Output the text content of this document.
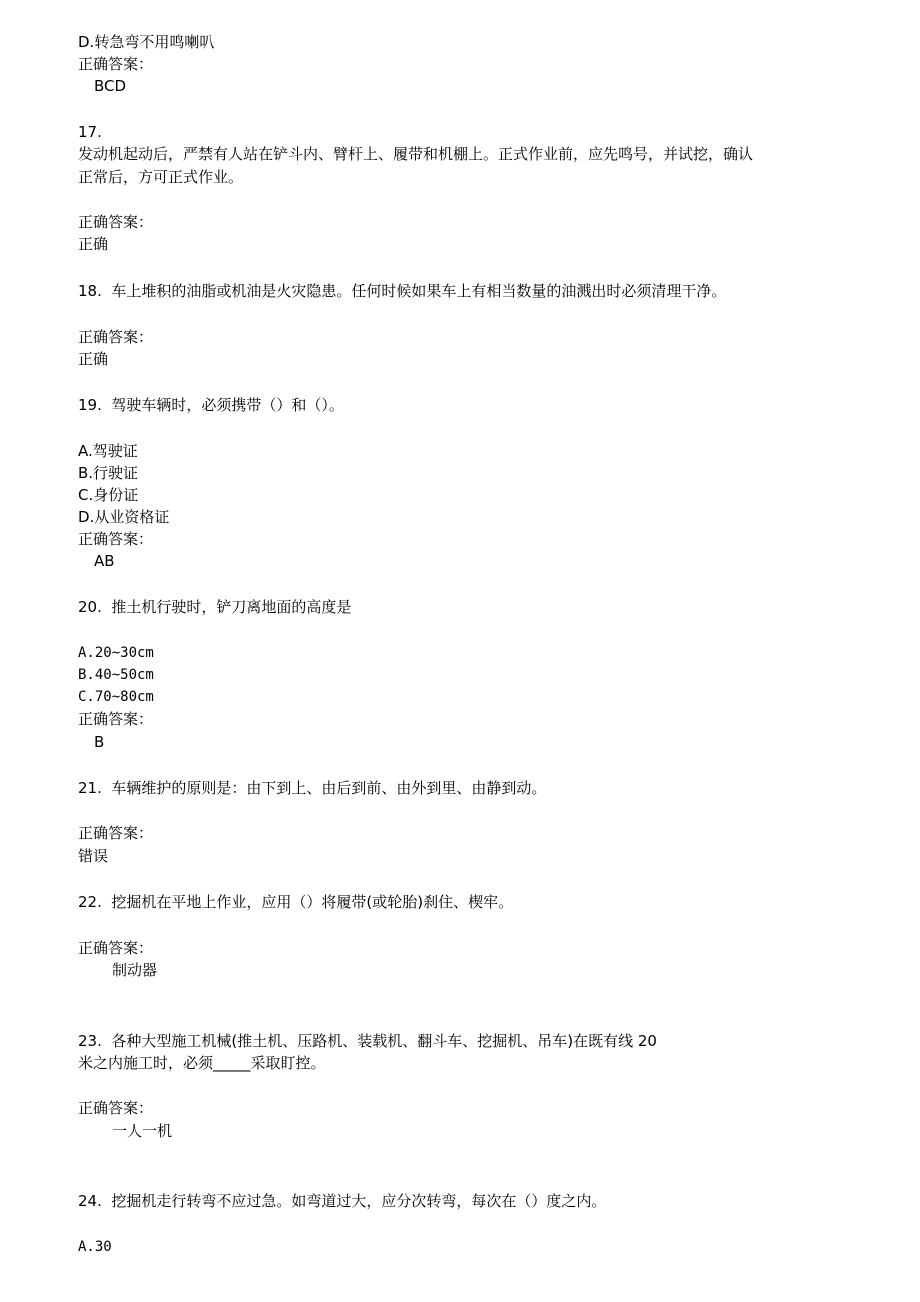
D.转急弯不用鸣喇叭
正确答案：
BCD
17.
发动机起动后，严禁有人站在铲斗内、臂杆上、履带和机棚上。正式作业前，应先鸣号，并试挖，确认
正常后，方可正式作业。
正确答案：
正确
18.  车上堆积的油脂或机油是火灾隐患。任何时候如果车上有相当数量的油溅出时必须清理干净。
正确答案：
正确
19.  驾驶车辆时，必须携带（）和（）。
A.驾驶证
B.行驶证
C.身份证
D.从业资格证
正确答案：
AB
20.  推土机行驶时，铲刀离地面的高度是
A.20~30cm
B.40~50cm
C.70~80cm
正确答案：
B
21.  车辆维护的原则是：由下到上、由后到前、由外到里、由静到动。
正确答案：
错误
22.  挖掘机在平地上作业，应用（）将履带(或轮胎)刹住、楔牢。
正确答案：
制动器
23.  各种大型施工机械(推土机、压路机、装载机、翻斗车、挖掘机、吊车)在既有线 20
米之内施工时，必须_____采取盯控。
正确答案：
一人一机
24.  挖掘机走行转弯不应过急。如弯道过大，应分次转弯，每次在（）度之内。
A.30
